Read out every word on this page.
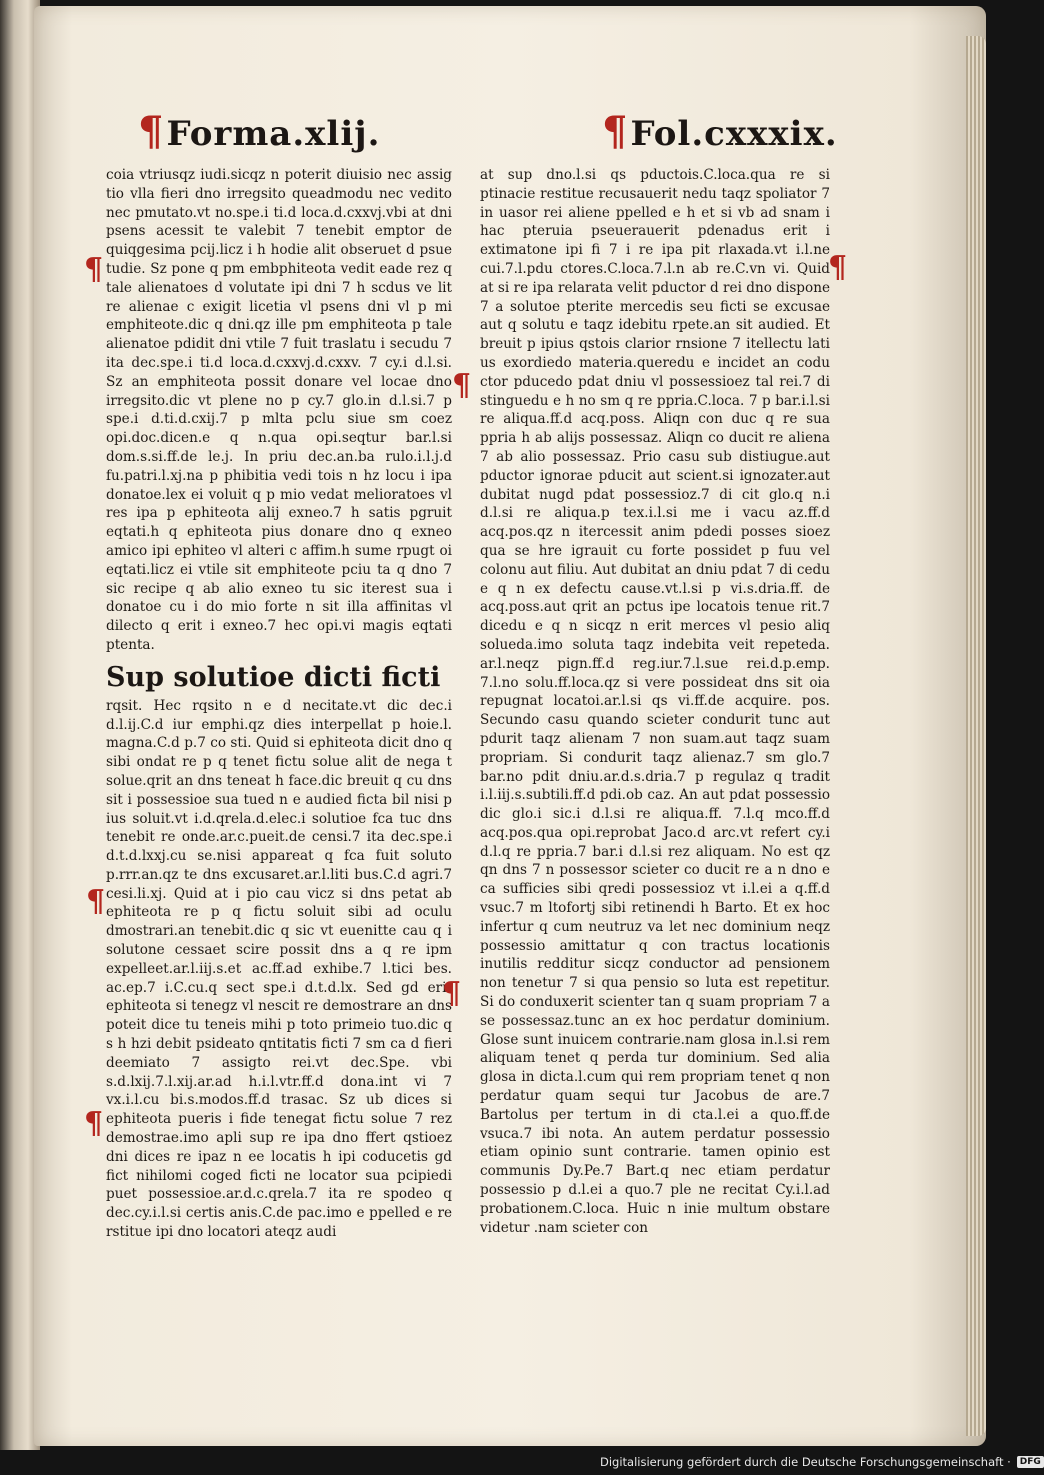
¶Forma.xlij.	¶Fol.cxxxix.

coia vtriusqz iudi.sicqz n poterit diuisio nec assig tio vlla fieri dno irregsito queadmodu nec vedito nec pmutato.vt no.spe.i ti.d loca.d.cxxvj.vbi at dni psens acessit te valebit 7 tenebit emptor de quiqgesima pcij.licz i h hodie alit obseruet d psue tudie. Sz pone q pm embphiteota vedit eade rez q tale alienatoes d volutate ipi dni 7 h scdus ve lit re alienae c exigit licetia vl psens dni vl p mi emphiteote.dic q dni.qz ille pm emphiteota p tale alienatoe pdidit dni vtile 7 fuit traslatu i secudu 7 ita dec.spe.i ti.d loca.d.cxxvj.d.cxxv. 7 cy.i d.l.si. Sz an emphiteota possit donare vel locae dno irregsito.dic vt plene no p cy.7 glo.in d.l.si.7 p spe.i d.ti.d.cxij.7 p mlta pclu siue sm coez opi.doc.dicen.e q n.qua opi.seqtur bar.l.si dom.s.si.ff.de le.j. In priu dec.an.ba rulo.i.l.j.d fu.patri.l.xj.na p phibitia vedi tois n hz locu i ipa donatoe.lex ei voluit q p mio vedat melioratoes vl res ipa p ephiteota alij exneo.7 h satis pgruit eqtati.h q ephiteota pius donare dno q exneo amico ipi ephiteo vl alteri c affim.h sume rpugt oi eqtati.licz ei vtile sit emphiteote pciu ta q dno 7 sic recipe q ab alio exneo tu sic iterest sua i donatoe cu i do mio forte n sit illa affinitas vl dilecto q erit i exneo.7 hec opi.vi magis eqtati ptenta.

Sup solutioe dicti ficti

rqsit. Hec rqsito n e d necitate.vt dic dec.i d.l.ij.C.d iur emphi.qz dies interpellat p hoie.l. magna.C.d p.7 co sti. Quid si ephiteota dicit dno q sibi ondat re p q tenet fictu solue alit de nega t solue.qrit an dns teneat h face.dic breuit q cu dns sit i possessioe sua tued n e audied ficta bil nisi p ius soluit.vt i.d.qrela.d.elec.i solutioe fca tuc dns tenebit re onde.ar.c.pueit.de censi.7 ita dec.spe.i d.t.d.lxxj.cu se.nisi appareat q fca fuit soluto p.rrr.an.qz te dns excusaret.ar.l.liti bus.C.d agri.7 cesi.li.xj. Quid at i pio cau vicz si dns petat ab ephiteota re p q fictu soluit sibi ad oculu dmostrari.an tenebit.dic q sic vt euenitte cau q i solutone cessaet scire possit dns a q re ipm expelleet.ar.l.iij.s.et ac.ff.ad exhibe.7 l.tici bes. ac.ep.7 i.C.cu.q sect spe.i d.t.d.lx. Sed gd erit ephiteota si tenegz vl nescit re demostrare an dns poteit dice tu teneis mihi p toto primeio tuo.dic q s h hzi debit psideato qntitatis ficti 7 sm ca d fieri deemiato 7 assigto rei.vt dec.Spe. vbi s.d.lxij.7.l.xij.ar.ad h.i.l.vtr.ff.d dona.int vi 7 vx.i.l.cu bi.s.modos.ff.d trasac. Sz ub dices si ephiteota pueris i fide tenegat fictu solue 7 rez demostrae.imo apli sup re ipa dno ffert qstioez dni dices re ipaz n ee locatis h ipi coducetis gd fict nihilomi coged ficti ne locator sua pcipiedi puet possessioe.ar.d.c.qrela.7 ita re spodeo q dec.cy.i.l.si certis anis.C.de pac.imo e ppelled e re rstitue ipi dno locatori ateqz audi

at sup dno.l.si qs pductois.C.loca.qua re si ptinacie restitue recusauerit nedu taqz spoliator 7 in uasor rei aliene ppelled e h et si vb ad snam i hac pteruia pseuerauerit pdenadus erit i extimatone ipi fi 7 i re ipa pit rlaxada.vt i.l.ne cui.7.l.pdu ctores.C.loca.7.l.n ab re.C.vn vi. Quid at si re ipa relarata velit pductor d rei dno dispone 7 a solutoe pterite mercedis seu ficti se excusae aut q solutu e taqz idebitu rpete.an sit audied. Et breuit p ipius qstois clarior rnsione 7 itellectu lati us exordiedo materia.queredu e incidet an codu ctor pducedo pdat dniu vl possessioez tal rei.7 di stinguedu e h no sm q re ppria.C.loca. 7 p bar.i.l.si re aliqua.ff.d acq.poss. Aliqn con duc q re sua ppria h ab alijs possessaz. Aliqn co ducit re aliena 7 ab alio possessaz. Prio casu sub distiugue.aut pductor ignorae pducit aut scient.si ignozater.aut dubitat nugd pdat possessioz.7 di cit glo.q n.i d.l.si re aliqua.p tex.i.l.si me i vacu az.ff.d acq.pos.qz n itercessit anim pdedi posses sioez qua se hre igrauit cu forte possidet p fuu vel colonu aut filiu. Aut dubitat an dniu pdat 7 di cedu e q n ex defectu cause.vt.l.si p vi.s.dria.ff. de acq.poss.aut qrit an pctus ipe locatois tenue rit.7 dicedu e q n sicqz n erit merces vl pesio aliq solueda.imo soluta taqz indebita veit repeteda. ar.l.neqz pign.ff.d reg.iur.7.l.sue rei.d.p.emp. 7.l.no solu.ff.loca.qz si vere possideat dns sit oia repugnat locatoi.ar.l.si qs vi.ff.de acquire. pos. Secundo casu quando scieter condurit tunc aut pdurit taqz alienam 7 non suam.aut taqz suam propriam. Si condurit taqz alienaz.7 sm glo.7 bar.no pdit dniu.ar.d.s.dria.7 p regulaz q tradit i.l.iij.s.subtili.ff.d pdi.ob caz. An aut pdat possessio dic glo.i sic.i d.l.si re aliqua.ff. 7.l.q mco.ff.d acq.pos.qua opi.reprobat Jaco.d arc.vt refert cy.i d.l.q re ppria.7 bar.i d.l.si rez aliquam. No est qz qn dns 7 n possessor scieter co ducit re a n dno e ca sufficies sibi qredi possessioz vt i.l.ei a q.ff.d vsuc.7 m ltofortj sibi retinendi h Barto. Et ex hoc infertur q cum neutruz va let nec dominium neqz possessio amittatur q con tractus locationis inutilis redditur sicqz conductor ad pensionem non tenetur 7 si qua pensio so luta est repetitur. Si do conduxerit scienter tan q suam propriam 7 a se possessaz.tunc an ex hoc perdatur dominium. Glose sunt inuicem contrarie.nam glosa in.l.si rem aliquam tenet q perda tur dominium. Sed alia glosa in dicta.l.cum qui rem propriam tenet q non perdatur quam sequi tur Jacobus de are.7 Bartolus per tertum in di cta.l.ei a quo.ff.de vsuca.7 ibi nota. An autem perdatur possessio etiam opinio sunt contrarie. tamen opinio est communis Dy.Pe.7 Bart.q nec etiam perdatur possessio p d.l.ei a quo.7 ple ne recitat Cy.i.l.ad probationem.C.loca. Huic n inie multum obstare videtur .nam scieter con

¶
¶
¶
¶
¶
¶
Digitalisierung gefördert durch die Deutsche Forschungsgemeinschaft ·	DFG
